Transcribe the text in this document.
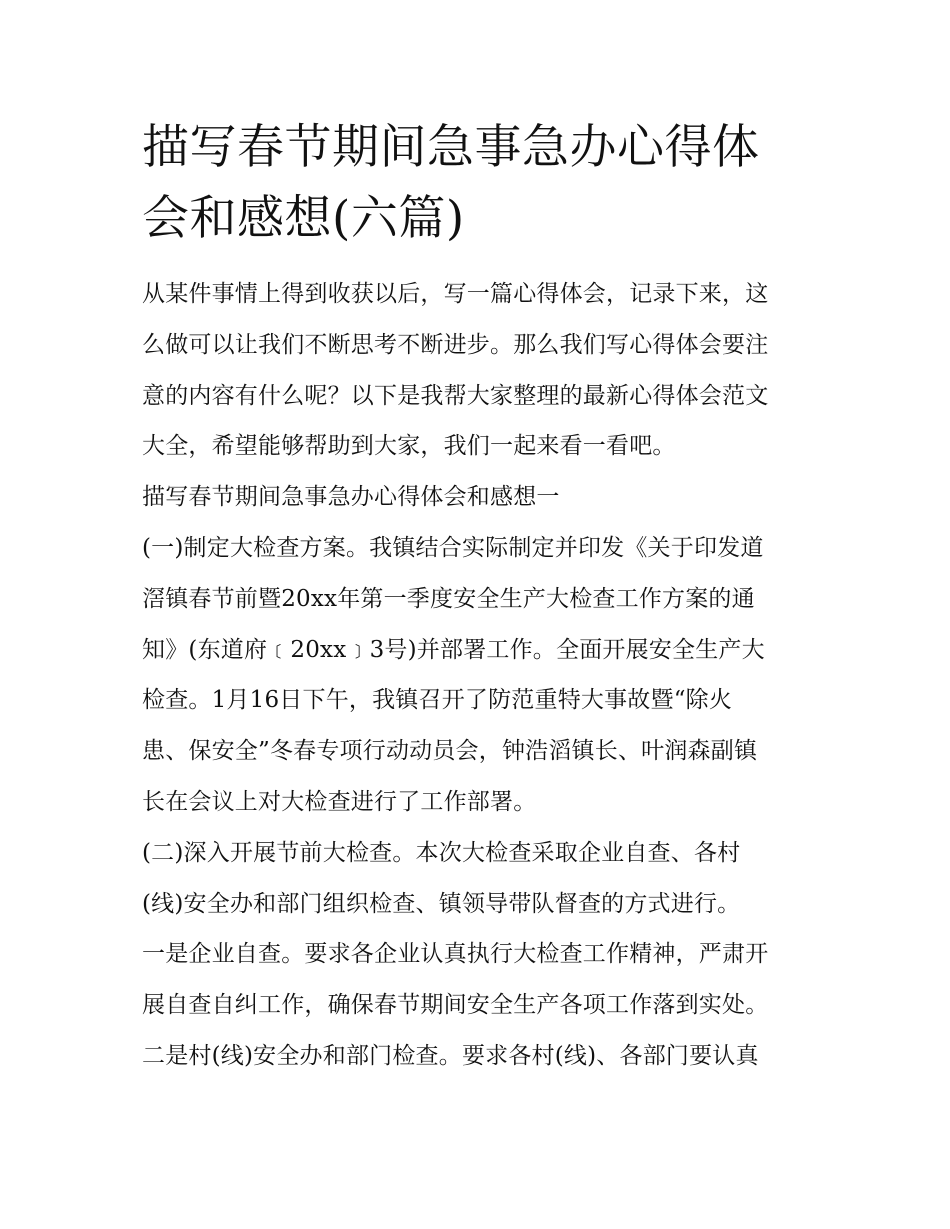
描写春节期间急事急办心得体
会和感想(六篇)
从某件事情上得到收获以后，写一篇心得体会，记录下来，这
么做可以让我们不断思考不断进步。那么我们写心得体会要注
意的内容有什么呢？以下是我帮大家整理的最新心得体会范文
大全，希望能够帮助到大家，我们一起来看一看吧。
描写春节期间急事急办心得体会和感想一
(一)制定大检查方案。我镇结合实际制定并印发《关于印发道
滘镇春节前暨20xx年第一季度安全生产大检查工作方案的通
知》(东道府﹝20xx﹞3号)并部署工作。全面开展安全生产大
检查。1月16日下午，我镇召开了防范重特大事故暨“除火
患、保安全”冬春专项行动动员会，钟浩滔镇长、叶润森副镇
长在会议上对大检查进行了工作部署。
(二)深入开展节前大检查。本次大检查采取企业自查、各村
(线)安全办和部门组织检查、镇领导带队督查的方式进行。
一是企业自查。要求各企业认真执行大检查工作精神，严肃开
展自查自纠工作，确保春节期间安全生产各项工作落到实处。
二是村(线)安全办和部门检查。要求各村(线)、各部门要认真
